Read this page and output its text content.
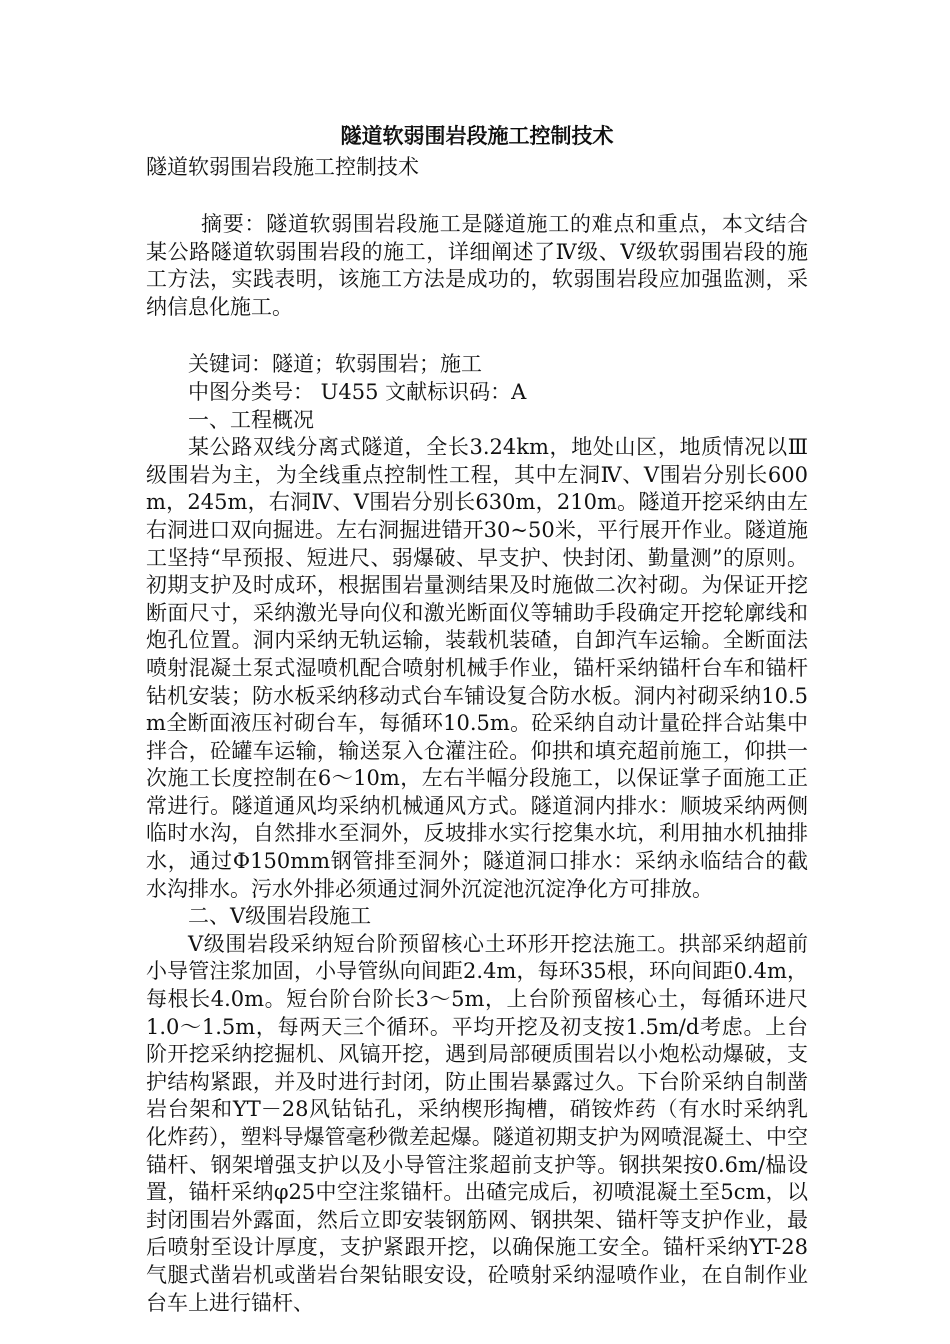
隧道软弱围岩段施工控制技术
隧道软弱围岩段施工控制技术

摘要：隧道软弱围岩段施工是隧道施工的难点和重点，本文结合某公路隧道软弱围岩段的施工，详细阐述了Ⅳ级、Ⅴ级软弱围岩段的施工方法，实践表明，该施工方法是成功的，软弱围岩段应加强监测，采纳信息化施工。

关键词：隧道；软弱围岩；施工

中图分类号： U455 文献标识码：A

一、工程概况

某公路双线分离式隧道，全长3.24km，地处山区，地质情况以Ⅲ级围岩为主，为全线重点控制性工程，其中左洞Ⅳ、Ⅴ围岩分别长600m，245m，右洞Ⅳ、Ⅴ围岩分别长630m，210m。隧道开挖采纳由左右洞进口双向掘进。左右洞掘进错开30~50米，平行展开作业。隧道施工坚持“早预报、短进尺、弱爆破、早支护、快封闭、勤量测”的原则。初期支护及时成环，根据围岩量测结果及时施做二次衬砌。为保证开挖断面尺寸，采纳激光导向仪和激光断面仪等辅助手段确定开挖轮廓线和炮孔位置。洞内采纳无轨运输，装载机装碴，自卸汽车运输。全断面法喷射混凝土泵式湿喷机配合喷射机械手作业，锚杆采纳锚杆台车和锚杆钻机安装；防水板采纳移动式台车铺设复合防水板。洞内衬砌采纳10.5m全断面液压衬砌台车，每循环10.5m。砼采纳自动计量砼拌合站集中拌合，砼罐车运输，输送泵入仓灌注砼。仰拱和填充超前施工，仰拱一次施工长度控制在6～10m，左右半幅分段施工，以保证掌子面施工正常进行。隧道通风均采纳机械通风方式。隧道洞内排水：顺坡采纳两侧临时水沟，自然排水至洞外，反坡排水实行挖集水坑，利用抽水机抽排水，通过Φ150mm钢管排至洞外；隧道洞口排水：采纳永临结合的截水沟排水。污水外排必须通过洞外沉淀池沉淀净化方可排放。

二、Ⅴ级围岩段施工

Ⅴ级围岩段采纳短台阶预留核心土环形开挖法施工。拱部采纳超前小导管注浆加固，小导管纵向间距2.4m，每环35根，环向间距0.4m，每根长4.0m。短台阶台阶长3～5m，上台阶预留核心土，每循环进尺1.0～1.5m，每两天三个循环。平均开挖及初支按1.5m/d考虑。上台阶开挖采纳挖掘机、风镐开挖，遇到局部硬质围岩以小炮松动爆破，支护结构紧跟，并及时进行封闭，防止围岩暴露过久。下台阶采纳自制凿岩台架和YT－28风钻钻孔，采纳楔形掏槽，硝铵炸药（有水时采纳乳化炸药），塑料导爆管毫秒微差起爆。隧道初期支护为网喷混凝土、中空锚杆、钢架增强支护以及小导管注浆超前支护等。钢拱架按0.6m/榀设置，锚杆采纳φ25中空注浆锚杆。出碴完成后，初喷混凝土至5cm，以封闭围岩外露面，然后立即安装钢筋网、钢拱架、锚杆等支护作业，最后喷射至设计厚度，支护紧跟开挖，以确保施工安全。锚杆采纳YT-28气腿式凿岩机或凿岩台架钻眼安设，砼喷射采纳湿喷作业，在自制作业台车上进行锚杆、
